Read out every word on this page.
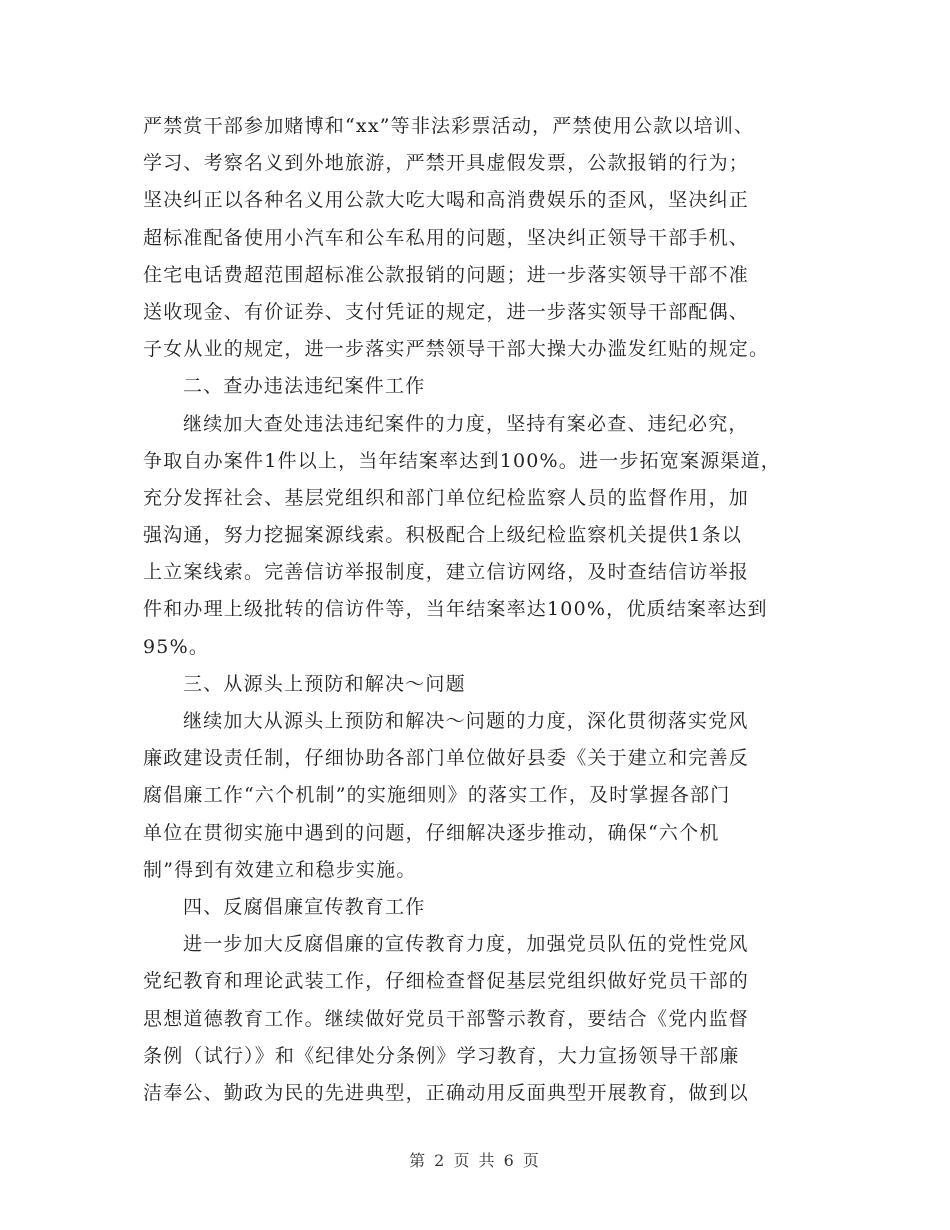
严禁赏干部参加赌博和“xx”等非法彩票活动，严禁使用公款以培训、
学习、考察名义到外地旅游，严禁开具虚假发票，公款报销的行为；
坚决纠正以各种名义用公款大吃大喝和高消费娱乐的歪风，坚决纠正
超标准配备使用小汽车和公车私用的问题，坚决纠正领导干部手机、
住宅电话费超范围超标准公款报销的问题；进一步落实领导干部不准
送收现金、有价证券、支付凭证的规定，进一步落实领导干部配偶、
子女从业的规定，进一步落实严禁领导干部大操大办滥发红贴的规定。
二、查办违法违纪案件工作
继续加大查处违法违纪案件的力度，坚持有案必查、违纪必究，
争取自办案件1件以上，当年结案率达到100%。进一步拓宽案源渠道，
充分发挥社会、基层党组织和部门单位纪检监察人员的监督作用，加
强沟通，努力挖掘案源线索。积极配合上级纪检监察机关提供1条以
上立案线索。完善信访举报制度，建立信访网络，及时查结信访举报
件和办理上级批转的信访件等，当年结案率达100%，优质结案率达到
95%。
三、从源头上预防和解决～问题
继续加大从源头上预防和解决～问题的力度，深化贯彻落实党风
廉政建设责任制，仔细协助各部门单位做好县委《关于建立和完善反
腐倡廉工作“六个机制”的实施细则》的落实工作，及时掌握各部门
单位在贯彻实施中遇到的问题，仔细解决逐步推动，确保“六个机
制”得到有效建立和稳步实施。
四、反腐倡廉宣传教育工作
进一步加大反腐倡廉的宣传教育力度，加强党员队伍的党性党风
党纪教育和理论武装工作，仔细检查督促基层党组织做好党员干部的
思想道德教育工作。继续做好党员干部警示教育，要结合《党内监督
条例（试行）》和《纪律处分条例》学习教育，大力宣扬领导干部廉
洁奉公、勤政为民的先进典型，正确动用反面典型开展教育，做到以
第 2 页 共 6 页
